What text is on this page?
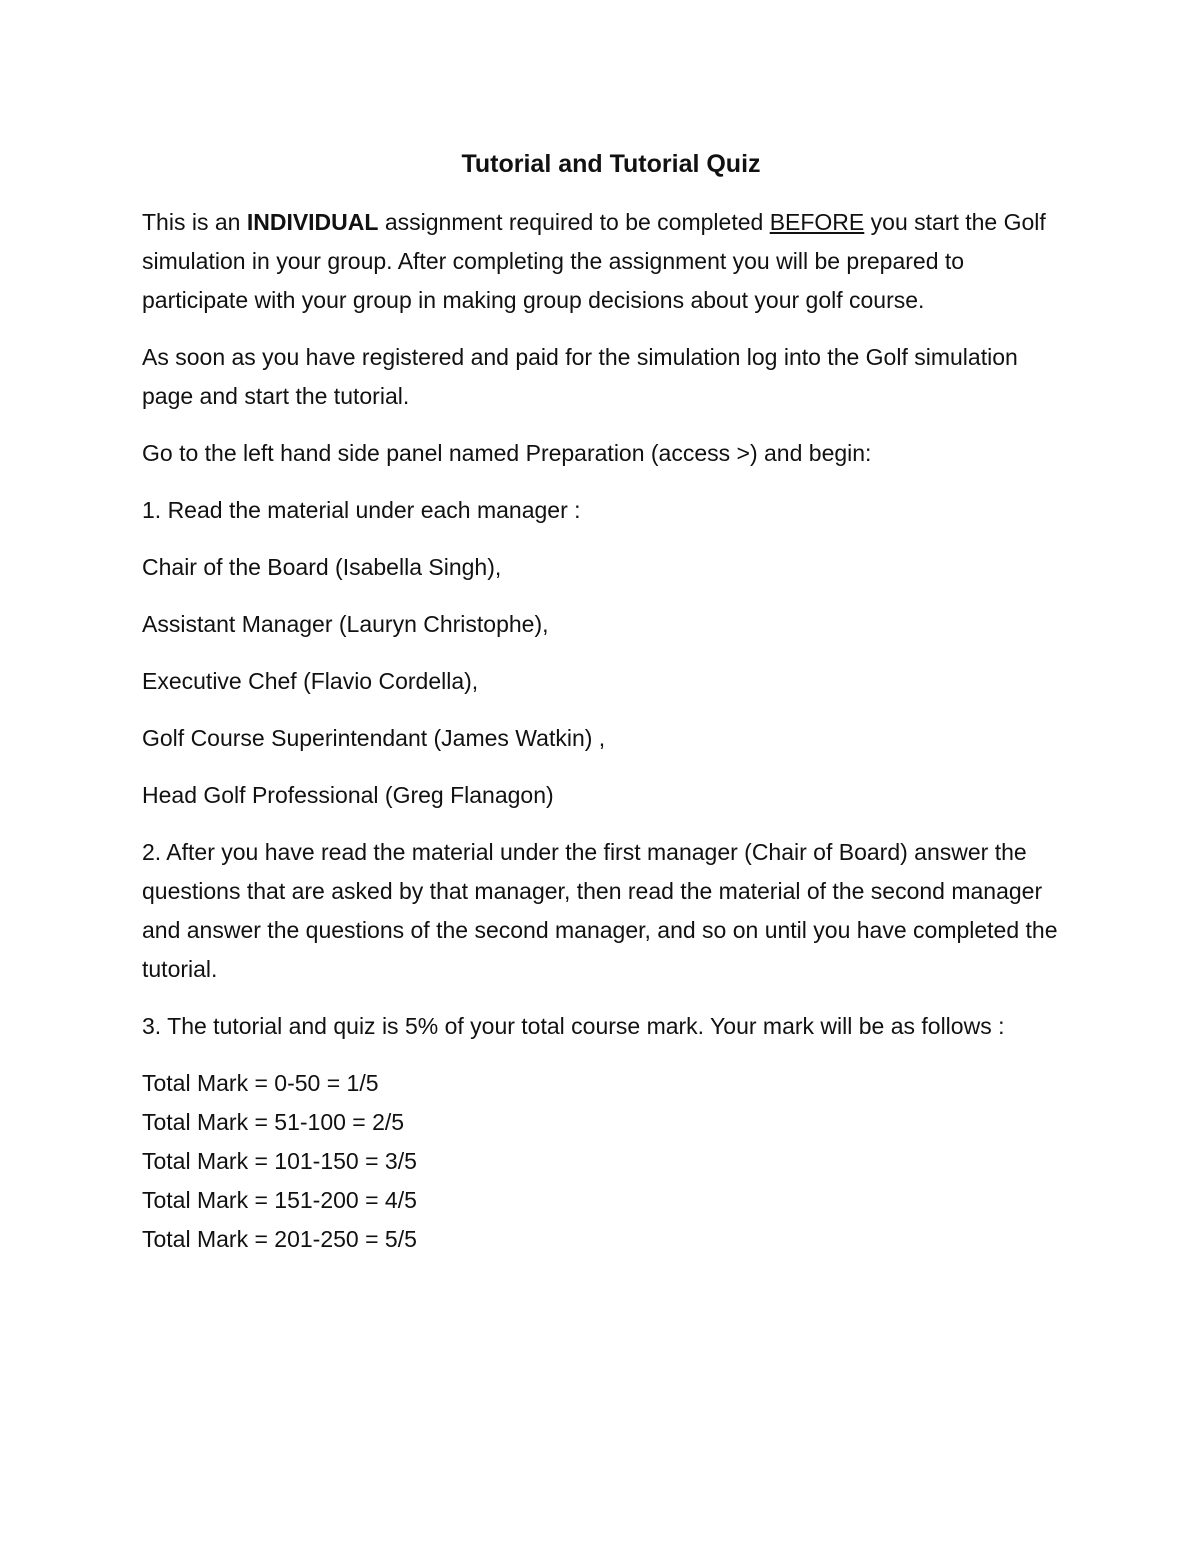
Tutorial and Tutorial Quiz

This is an INDIVIDUAL assignment required to be completed BEFORE you start the Golf simulation in your group. After completing the assignment you will be prepared to participate with your group in making group decisions about your golf course.

As soon as you have registered and paid for the simulation log into the Golf simulation page and start the tutorial.

Go to the left hand side panel named Preparation (access >) and begin:

1. Read the material under each manager :

Chair of the Board (Isabella Singh),

Assistant Manager (Lauryn Christophe),

Executive Chef (Flavio Cordella),

Golf Course Superintendant (James Watkin) ,

Head Golf Professional (Greg Flanagon)

2. After you have read the material under the first manager (Chair of Board) answer the questions that are asked by that manager, then read the material of the second manager and answer the questions of the second manager, and so on until you have completed the tutorial.

3. The tutorial and quiz is 5% of your total course mark. Your mark will be as follows :

Total Mark = 0-50 = 1/5

Total Mark = 51-100 = 2/5

Total Mark = 101-150 = 3/5

Total Mark = 151-200 = 4/5

Total Mark = 201-250 = 5/5
